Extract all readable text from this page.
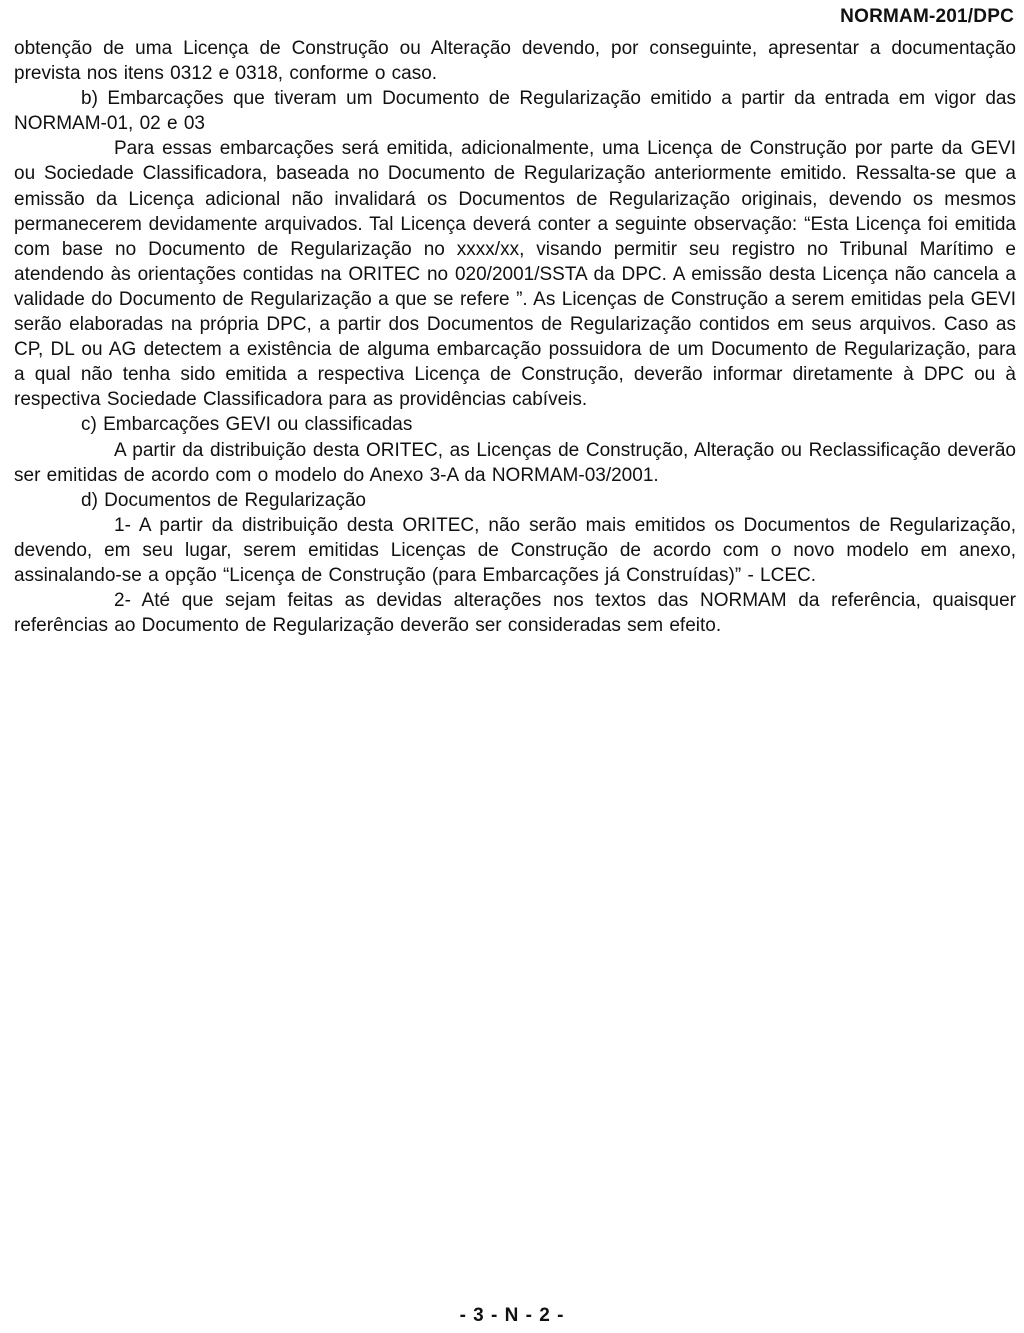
NORMAM-201/DPC

obtenção de uma Licença de Construção ou Alteração devendo, por conseguinte, apresentar a documentação prevista nos itens 0312 e 0318, conforme o caso.

b) Embarcações que tiveram um Documento de Regularização emitido a partir da entrada em vigor das NORMAM-01, 02 e 03

Para essas embarcações será emitida, adicionalmente, uma Licença de Construção por parte da GEVI ou Sociedade Classificadora, baseada no Documento de Regularização anteriormente emitido. Ressalta-se que a emissão da Licença adicional não invalidará os Documentos de Regularização originais, devendo os mesmos permanecerem devidamente arquivados. Tal Licença deverá conter a seguinte observação: “Esta Licença foi emitida com base no Documento de Regularização no xxxx/xx, visando permitir seu registro no Tribunal Marítimo e atendendo às orientações contidas na ORITEC no 020/2001/SSTA da DPC. A emissão desta Licença não cancela a validade do Documento de Regularização a que se refere ”. As Licenças de Construção a serem emitidas pela GEVI serão elaboradas na própria DPC, a partir dos Documentos de Regularização contidos em seus arquivos. Caso as CP, DL ou AG detectem a existência de alguma embarcação possuidora de um Documento de Regularização, para a qual não tenha sido emitida a respectiva Licença de Construção, deverão informar diretamente à DPC ou à respectiva Sociedade Classificadora para as providências cabíveis.

c) Embarcações GEVI ou classificadas

A partir da distribuição desta ORITEC, as Licenças de Construção, Alteração ou Reclassificação deverão ser emitidas de acordo com o modelo do Anexo 3-A da NORMAM-03/2001.

d) Documentos de Regularização

1- A partir da distribuição desta ORITEC, não serão mais emitidos os Documentos de Regularização, devendo, em seu lugar, serem emitidas Licenças de Construção de acordo com o novo modelo em anexo, assinalando-se a opção “Licença de Construção (para Embarcações já Construídas)” - LCEC.

2- Até que sejam feitas as devidas alterações nos textos das NORMAM da referência, quaisquer referências ao Documento de Regularização deverão ser consideradas sem efeito.

- 3 - N - 2 -
